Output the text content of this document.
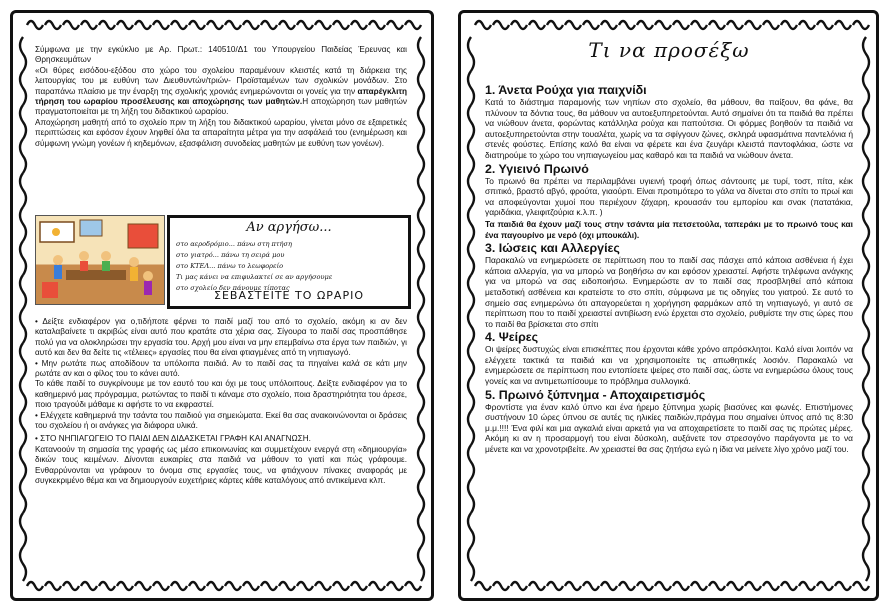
Σύμφωνα με την εγκύκλιο με Αρ. Πρωτ.: 140510/Δ1 του Υπουργείου Παιδείας Έρευνας και Θρησκευμάτων

«Οι θύρες εισόδου-εξόδου στο χώρο του σχολείου παραμένουν κλειστές κατά τη διάρκεια της λειτουργίας του με ευθύνη των Διευθυντών/τριών- Προϊσταμένων των σχολικών μονάδων. Στο παραπάνω πλαίσιο με την έναρξη της σχολικής χρονιάς ενημερώνονται οι γονείς για την απαρέγκλιτη τήρηση του ωραρίου προσέλευσης και αποχώρησης των μαθητών.Η αποχώρηση των μαθητών πραγματοποιείται με τη λήξη του διδακτικού ωραρίου.

Αποχώρηση μαθητή από το σχολείο πριν τη λήξη του διδακτικού ωραρίου, γίνεται μόνο σε εξαιρετικές περιπτώσεις και εφόσον έχουν ληφθεί όλα τα απαραίτητα μέτρα για την ασφάλειά του (ενημέρωση και σύμφωνη γνώμη γονέων ή κηδεμόνων, εξασφάλιση συνοδείας μαθητών με ευθύνη των γονέων).

Αν αργήσω...
στο αεροδρόμιο... πάνω στη πτήση
στο γιατρό... πάνω τη σειρά μου
στο ΚΤΕΛ... πάνω το λεωφορείο
Τι μας κάνει να επιφυλακτεί σε αν αργήσουμε
στο σχολείο δεν πάνουμε τίποτας
ΣΕΒΑΣΤΕΙΤΕ ΤΟ ΩΡΑΡΙΟ

• Δείξτε ενδιαφέρον για ο,τιδήποτε φέρνει το παιδί μαζί του από το σχολείο, ακόμη κι αν δεν καταλαβαίνετε τι ακριβώς είναι αυτό που κρατάτε στα χέρια σας. Σίγουρα το παιδί σας προσπάθησε πολύ για να ολοκληρώσει την εργασία του. Αρχή μου είναι να μην επεμβαίνω στα έργα των παιδιών, γι αυτό και δεν θα δείτε τις «τέλειες» εργασίες που θα είναι φτιαγμένες από τη νηπιαγωγό.

• Μην ρωτάτε πως αποδίδουν τα υπόλοιπα παιδιά. Αν το παιδί σας τα πηγαίνει καλά σε κάτι μην ρωτάτε αν και ο φίλος του το κάνει αυτό.

Το κάθε παιδί το συγκρίνουμε με τον εαυτό του και όχι με τους υπόλοιπους. Δείξτε ενδιαφέρον για το καθημερινό μας πρόγραμμα, ρωτώντας το παιδί τι κάναμε στο σχολείο, ποια δραστηριότητα του άρεσε, ποιο τραγούδι μάθαμε κι αφήστε το να εκφραστεί.

• Ελέγχετε καθημερινά την τσάντα του παιδιού για σημειώματα. Εκεί θα σας ανακοινώνονται οι δράσεις του σχολείου ή οι ανάγκες για διάφορα υλικά.

• ΣΤΟ ΝΗΠΙΑΓΩΓΕΙΟ ΤΟ ΠΑΙΔΙ ΔΕΝ ΔΙΔΑΣΚΕΤΑΙ ΓΡΑΦΗ ΚΑΙ ΑΝΑΓΝΩΣΗ.

Κατανοούν τη σημασία της γραφής ως μέσο επικοινωνίας και συμμετέχουν ενεργά στη «δημιουργία» δικών τους κειμένων. Δίνονται ευκαιρίες στα παιδιά να μάθουν το γιατί και πώς γράφουμε. Ενθαρρύνονται να γράφουν το όνομα στις εργασίες τους, να φτιάχνουν πίνακες αναφοράς με συγκεκριμένο θέμα και να δημιουργούν ευχετήριες κάρτες κάθε καταλόγους από αντικείμενα κλπ.

Τι να προσέξω
1. Άνετα Ρούχα για παιχνίδι

Κατά το διάστημα παραμονής των νηπίων στο σχολείο, θα μάθουν, θα παίξουν, θα φάνε, θα πλύνουν τα δόντια τους, θα μάθουν να αυτοεξυπηρετούνται. Αυτό σημαίνει ότι τα παιδιά θα πρέπει να νιώθουν άνετα, φορώντας κατάλληλα ρούχα και παπούτσια. Οι φόρμες βοηθούν τα παιδιά να αυτοεξυπηρετούνται στην τουαλέτα, χωρίς να τα σφίγγουν ζώνες, σκληρά υφασμάτινα παντελόνια ή στενές φούστες. Επίσης καλό θα είναι να φέρετε και ένα ζευγάρι κλειστά παντοφλάκια, ώστε να διατηρούμε το χώρο του νηπιαγωγείου μας καθαρό και τα παιδιά να νιώθουν άνετα.

2. Υγιεινό Πρωινό

Το πρωινό θα πρέπει να περιλαμβάνει υγιεινή τροφή όπως σάντουιτς με τυρί, τοστ, πίτα, κέικ σπιτικό, βραστό αβγό, φρούτα, γιαούρτι. Είναι προτιμότερο το γάλα να δίνεται στο σπίτι το πρωί και να αποφεύγονται χυμοί που περιέχουν ζάχαρη, κρουασάν του εμπορίου και σνακ (πατατάκια, γαριδάκια, γλειφιτζούρια κ.λ.π. )

Τα παιδιά θα έχουν μαζί τους στην τσάντα μία πετσετούλα, ταπεράκι με το πρωινό τους και ένα παγουρίνο με νερό (όχι μπουκάλι).

3. Ιώσεις και Αλλεργίες

Παρακαλώ να ενημερώσετε σε περίπτωση που το παιδί σας πάσχει από κάποια ασθένεια ή έχει κάποια αλλεργία, για να μπορώ να βοηθήσω αν και εφόσον χρειαστεί. Αφήστε τηλέφωνα ανάγκης για να μπορώ να σας ειδοποιήσω. Ενημερώστε αν το παιδί σας προσβληθεί από κάποια μεταδοτική ασθένεια και κρατείστε το στο σπίτι, σύμφωνα με τις οδηγίες του γιατρού. Σε αυτό το σημείο σας ενημερώνω ότι απαγορεύεται η χορήγηση φαρμάκων από τη νηπιαγωγό, γι αυτό σε περίπτωση που το παιδί χρειαστεί αντιβίωση ενώ έρχεται στο σχολείο, ρυθμίστε την στις ώρες που το παιδί θα βρίσκεται στο σπίτι

4. Ψείρες

Οι ψείρες δυστυχώς είναι επισκέπτες που έρχονται κάθε χρόνο απρόσκλητοι. Καλό είναι λοιπόν να ελέγχετε τακτικά τα παιδιά και να χρησιμοποιείτε τις απωθητικές λοσιόν. Παρακαλώ να ενημερώσετε σε περίπτωση που εντοπίσετε ψείρες στο παιδί σας, ώστε να ενημερώσω όλους τους γονείς και να αντιμετωπίσουμε το πρόβλημα συλλογικά.

5. Πρωινό ξύπνημα - Αποχαιρετισμός

Φροντίστε για έναν καλό ύπνο και ένα ήρεμο ξύπνημα χωρίς βιασύνες και φωνές. Επιστήμονες συστήνουν 10 ώρες ύπνου σε αυτές τις ηλικίες παιδιών,πράγμα που σημαίνει ύπνος από τις 8:30 μ.μ.!!!! Ένα φιλί και μια αγκαλιά είναι αρκετά για να αποχαιρετίσετε το παιδί σας τις πρώτες μέρες. Ακόμη κι αν η προσαρμογή του είναι δύσκολη, αυξάνετε τον στρεσογόνο παράγοντα με το να μένετε και να χρονοτριβείτε. Αν χρειαστεί θα σας ζητήσω εγώ η ίδια να μείνετε λίγο χρόνο μαζί του.
